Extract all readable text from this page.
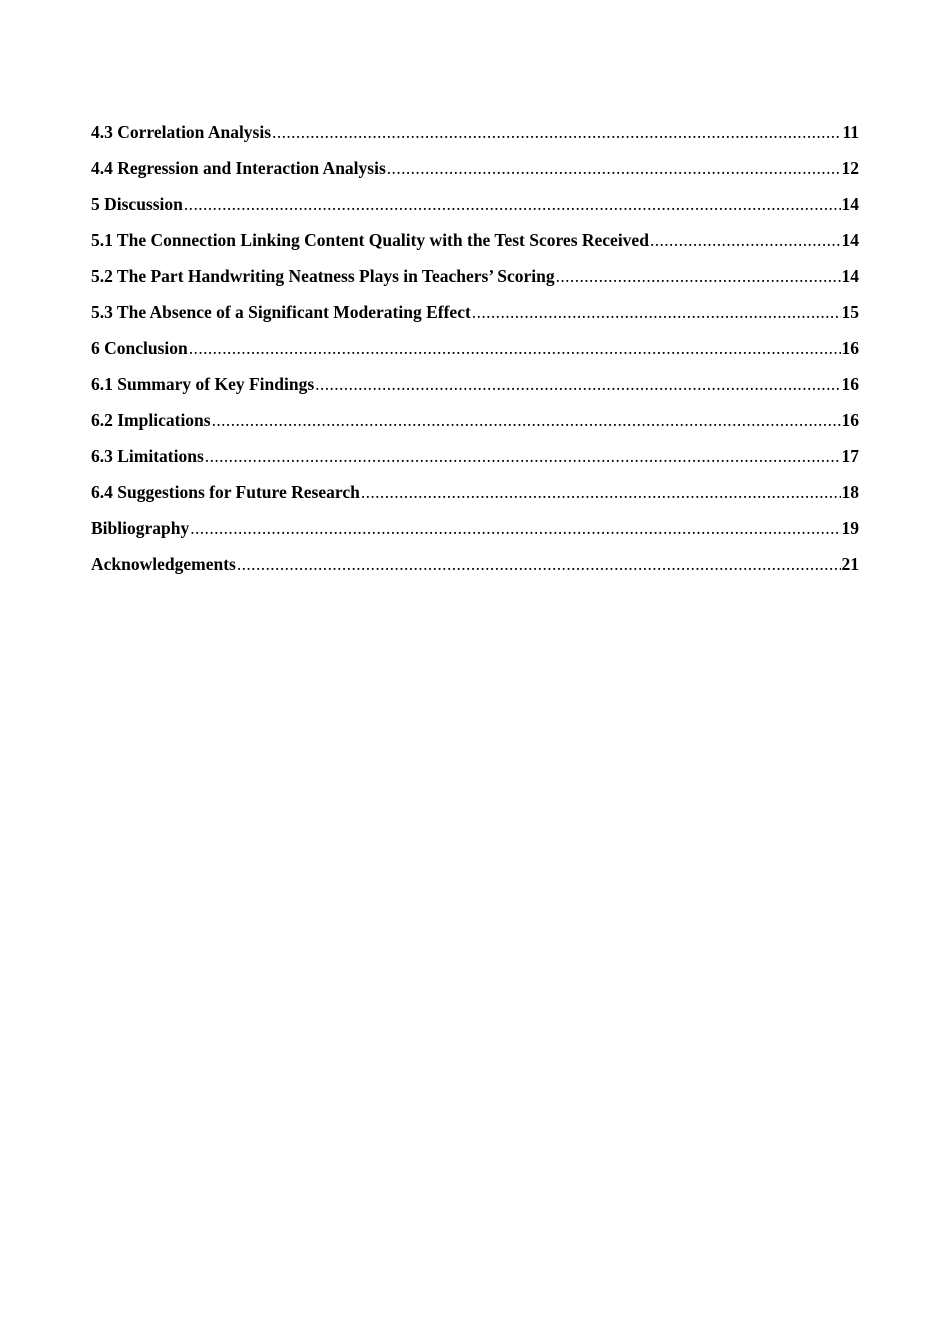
4.3 Correlation Analysis .....	11
4.4 Regression and Interaction Analysis .....	12
5 Discussion .....	14
5.1 The Connection Linking Content Quality with the Test Scores Received .....	14
5.2 The Part Handwriting Neatness Plays in Teachers’ Scoring .....	14
5.3 The Absence of a Significant Moderating Effect .....	15
6 Conclusion .....	16
6.1 Summary of Key Findings .....	16
6.2 Implications .....	16
6.3 Limitations .....	17
6.4 Suggestions for Future Research .....	18
Bibliography .....	19
Acknowledgements .....	21
